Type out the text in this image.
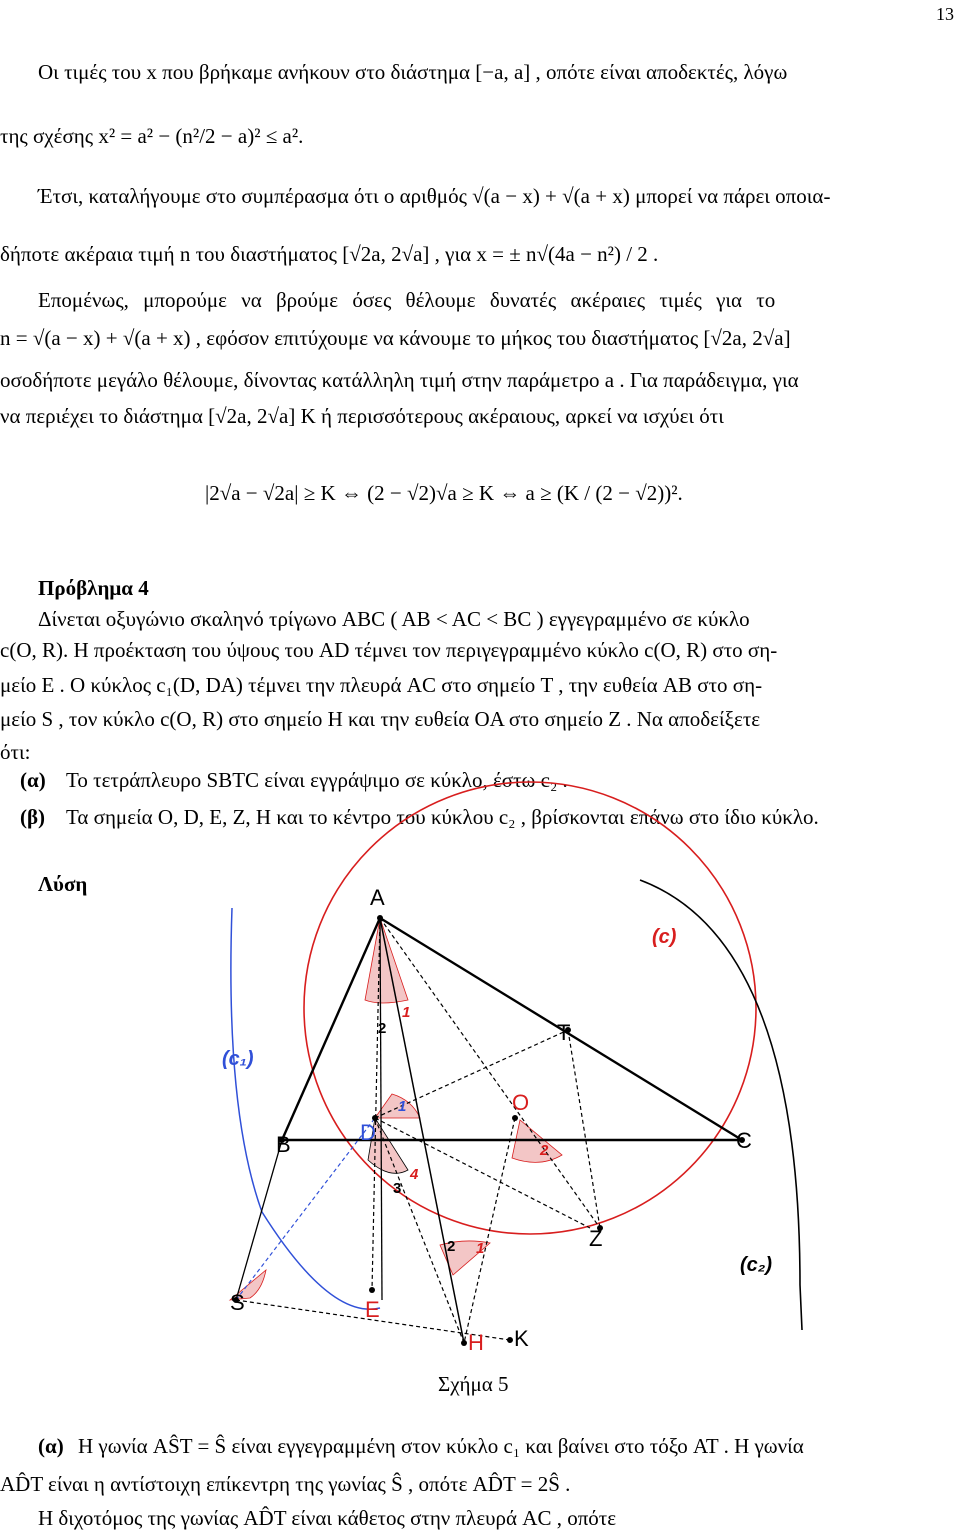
13
Οι τιμές του x που βρήκαμε ανήκουν στο διάστημα [−a, a] , οπότε είναι αποδεκτές, λόγω
της σχέσης x² = a² − (n²/2 − a)² ≤ a².
Έτσι, καταλήγουμε στο συμπέρασμα ότι ο αριθμός √(a − x) + √(a + x) μπορεί να πάρει οποια-
δήποτε ακέραια τιμή n του διαστήματος [√2a, 2√a] , για x = ± n√(4a − n²) / 2 .
Επομένως, μπορούμε να βρούμε όσες θέλουμε δυνατές ακέραιες τιμές για το
n = √(a − x) + √(a + x) , εφόσον επιτύχουμε να κάνουμε το μήκος του διαστήματος [√2a, 2√a]
οσοδήποτε μεγάλο θέλουμε, δίνοντας κατάλληλη τιμή στην παράμετρο a . Για παράδειγμα, για
να περιέχει το διάστημα [√2a, 2√a] K ή περισσότερους ακέραιους, αρκεί να ισχύει ότι
|2√a − √2a| ≥ K ⇔ (2 − √2)√a ≥ K ⇔ a ≥ (K / (2 − √2))².
Πρόβλημα 4
Δίνεται οξυγώνιο σκαληνό τρίγωνο ABC ( AB < AC < BC ) εγγεγραμμένο σε κύκλο
c(O, R). Η προέκταση του ύψους του AD τέμνει τον περιγεγραμμένο κύκλο c(O, R) στο ση-
μείο E . Ο κύκλος c₁(D, DA) τέμνει την πλευρά AC στο σημείο T , την ευθεία AB στο ση-
μείο S , τον κύκλο c(O, R) στο σημείο H και την ευθεία OA στο σημείο Z . Να αποδείξετε
ότι:
(α) Το τετράπλευρο SBTC είναι εγγράψιμο σε κύκλο, έστω c₂ .
(β) Τα σημεία O, D, E, Z, H και το κέντρο του κύκλου c₂ , βρίσκονται επάνω στο ίδιο κύκλο.
Λύση
A
T
O
B	D	C
Z
S	E
H K
(c)
(c₁)
(c₂)
1
2
1
2
3
4
2 1
Σχήμα 5
(α) Η γωνία AŜT = Ŝ είναι εγγεγραμμένη στον κύκλο c₁ και βαίνει στο τόξο AT . Η γωνία
AD̂T είναι η αντίστοιχη επίκεντρη της γωνίας Ŝ , οπότε AD̂T = 2Ŝ .
Η διχοτόμος της γωνίας AD̂T είναι κάθετος στην πλευρά AC , οπότε
